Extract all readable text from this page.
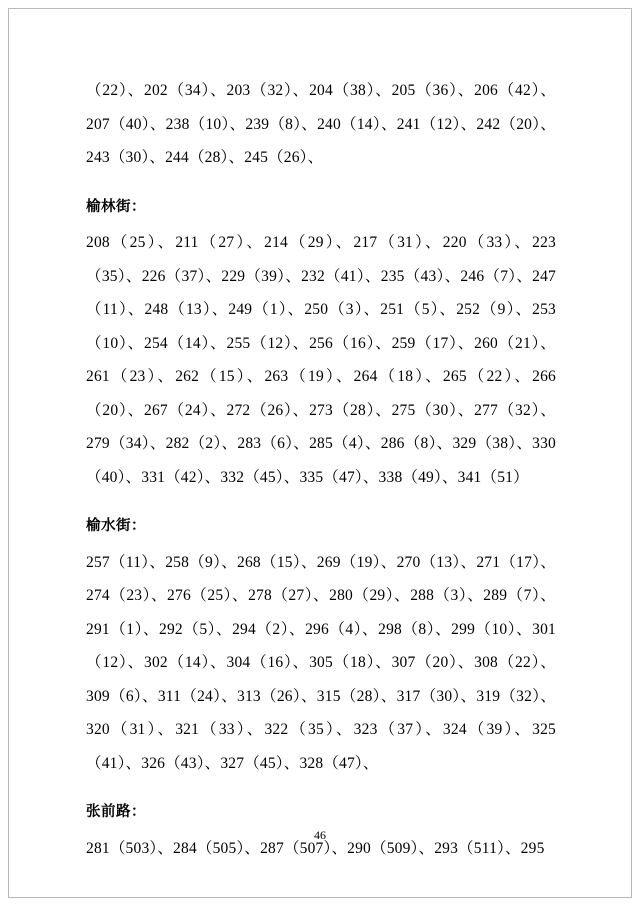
（22）、202（34）、203（32）、204（38）、205（36）、206（42）、207（40）、238（10）、239（8）、240（14）、241（12）、242（20）、243（30）、244（28）、245（26）、

榆林街：

208（25）、211（27）、214（29）、217（31）、220（33）、223（35）、226（37）、229（39）、232（41）、235（43）、246（7）、247（11）、248（13）、249（1）、250（3）、251（5）、252（9）、253（10）、254（14）、255（12）、256（16）、259（17）、260（21）、261（23）、262（15）、263（19）、264（18）、265（22）、266（20）、267（24）、272（26）、273（28）、275（30）、277（32）、279（34）、282（2）、283（6）、285（4）、286（8）、329（38）、330（40）、331（42）、332（45）、335（47）、338（49）、341（51）

榆水街：

257（11）、258（9）、268（15）、269（19）、270（13）、271（17）、274（23）、276（25）、278（27）、280（29）、288（3）、289（7）、291（1）、292（5）、294（2）、296（4）、298（8）、299（10）、301（12）、302（14）、304（16）、305（18）、307（20）、308（22）、309（6）、311（24）、313（26）、315（28）、317（30）、319（32）、320（31）、321（33）、322（35）、323（37）、324（39）、325（41）、326（43）、327（45）、328（47）、

张前路：

281（503）、284（505）、287（507）、290（509）、293（511）、295

46
